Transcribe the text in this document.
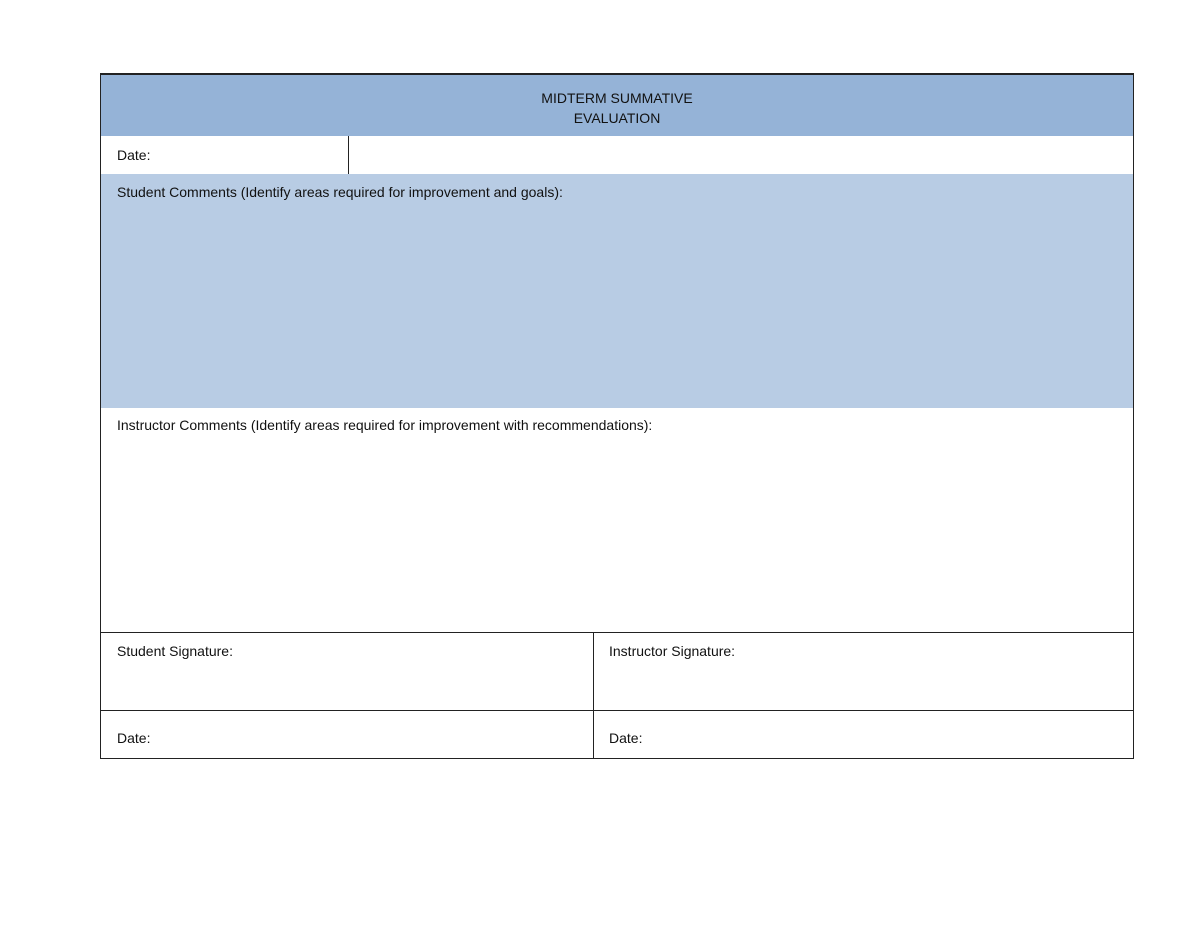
MIDTERM SUMMATIVE
EVALUATION
Date:
Student Comments (Identify areas required for improvement and goals):
Instructor Comments (Identify areas required for improvement with recommendations):
Student Signature:	Instructor Signature:
Date:	Date:
